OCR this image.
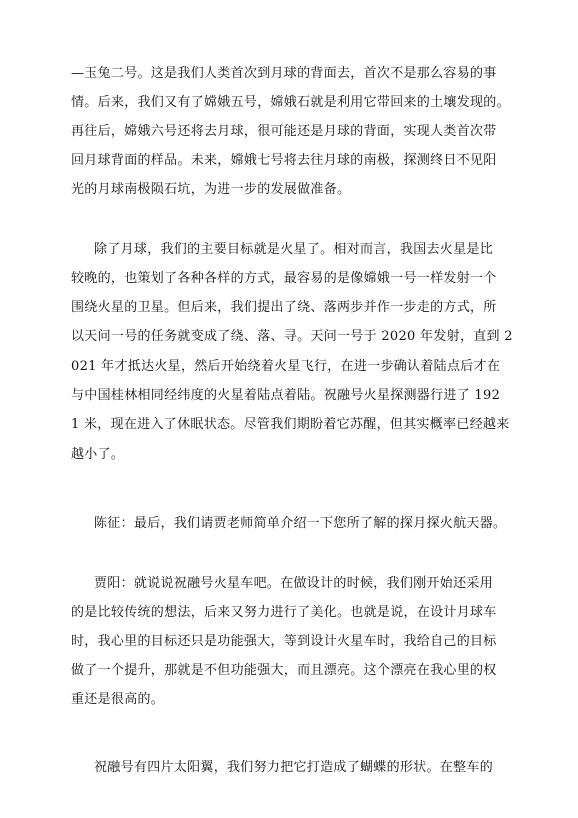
—玉兔二号。这是我们人类首次到月球的背面去，首次不是那么容易的事
情。后来，我们又有了嫦娥五号，嫦娥石就是利用它带回来的土壤发现的。
再往后，嫦娥六号还将去月球，很可能还是月球的背面，实现人类首次带
回月球背面的样品。未来，嫦娥七号将去往月球的南极，探测终日不见阳
光的月球南极陨石坑，为进一步的发展做准备。
除了月球，我们的主要目标就是火星了。相对而言，我国去火星是比
较晚的，也策划了各种各样的方式，最容易的是像嫦娥一号一样发射一个
围绕火星的卫星。但后来，我们提出了绕、落两步并作一步走的方式，所
以天问一号的任务就变成了绕、落、寻。天问一号于 2020 年发射，直到 2
021 年才抵达火星，然后开始绕着火星飞行，在进一步确认着陆点后才在
与中国桂林相同经纬度的火星着陆点着陆。祝融号火星探测器行进了 192
1 米，现在进入了休眠状态。尽管我们期盼着它苏醒，但其实概率已经越来
越小了。
陈征：最后，我们请贾老师简单介绍一下您所了解的探月探火航天器。
贾阳：就说说祝融号火星车吧。在做设计的时候，我们刚开始还采用
的是比较传统的想法，后来又努力进行了美化。也就是说，在设计月球车
时，我心里的目标还只是功能强大，等到设计火星车时，我给自己的目标
做了一个提升，那就是不但功能强大，而且漂亮。这个漂亮在我心里的权
重还是很高的。
祝融号有四片太阳翼，我们努力把它打造成了蝴蝶的形状。在整车的
